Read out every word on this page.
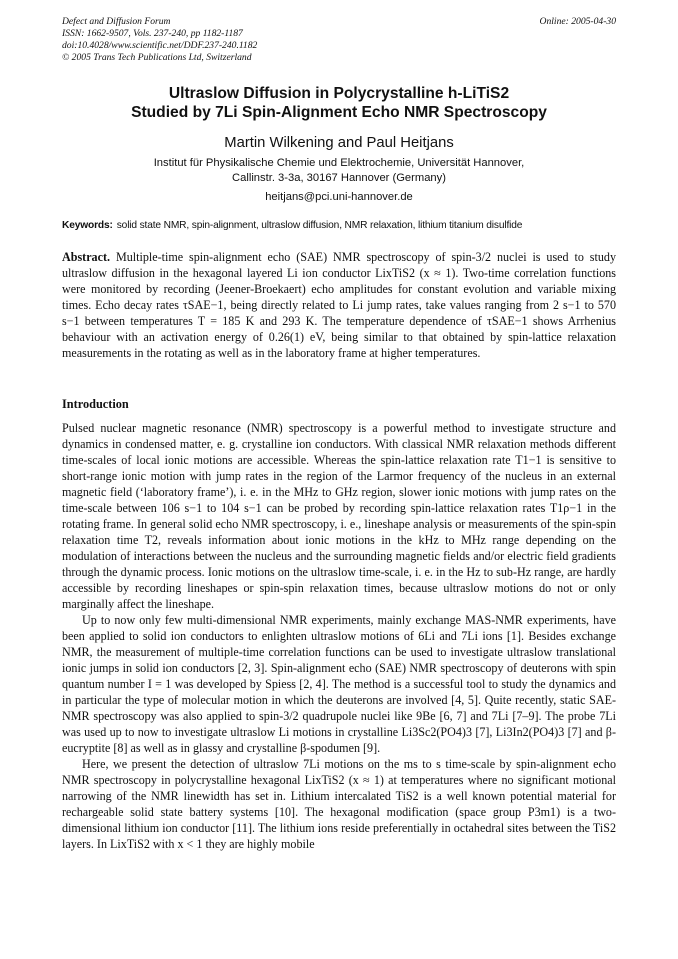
Defect and Diffusion Forum
ISSN: 1662-9507, Vols. 237-240, pp 1182-1187
doi:10.4028/www.scientific.net/DDF.237-240.1182
© 2005 Trans Tech Publications Ltd, Switzerland
Online: 2005-04-30
Ultraslow Diffusion in Polycrystalline h-LiTiS2
Studied by 7Li Spin-Alignment Echo NMR Spectroscopy
Martin Wilkening and Paul Heitjans
Institut für Physikalische Chemie und Elektrochemie, Universität Hannover,
Callinstr. 3-3a, 30167 Hannover (Germany)
heitjans@pci.uni-hannover.de
Keywords: solid state NMR, spin-alignment, ultraslow diffusion, NMR relaxation, lithium titanium disulfide
Abstract. Multiple-time spin-alignment echo (SAE) NMR spectroscopy of spin-3/2 nuclei is used to study ultraslow diffusion in the hexagonal layered Li ion conductor LixTiS2 (x ≈ 1). Two-time correlation functions were monitored by recording (Jeener-Broekaert) echo amplitudes for constant evolution and variable mixing times. Echo decay rates τSAE−1, being directly related to Li jump rates, take values ranging from 2 s−1 to 570 s−1 between temperatures T = 185 K and 293 K. The temperature dependence of τSAE−1 shows Arrhenius behaviour with an activation energy of 0.26(1) eV, being similar to that obtained by spin-lattice relaxation measurements in the rotating as well as in the laboratory frame at higher temperatures.
Introduction

Pulsed nuclear magnetic resonance (NMR) spectroscopy is a powerful method to investigate structure and dynamics in condensed matter, e. g. crystalline ion conductors. With classical NMR relaxation methods different time-scales of local ionic motions are accessible. Whereas the spin-lattice relaxation rate T1−1 is sensitive to short-range ionic motion with jump rates in the region of the Larmor frequency of the nucleus in an external magnetic field (‘laboratory frame’), i. e. in the MHz to GHz region, slower ionic motions with jump rates on the time-scale between 106 s−1 to 104 s−1 can be probed by recording spin-lattice relaxation rates T1ρ−1 in the rotating frame. In general solid echo NMR spectroscopy, i. e., lineshape analysis or measurements of the spin-spin relaxation time T2, reveals information about ionic motions in the kHz to MHz range depending on the modulation of interactions between the nucleus and the surrounding magnetic fields and/or electric field gradients through the dynamic process. Ionic motions on the ultraslow time-scale, i. e. in the Hz to sub-Hz range, are hardly accessible by recording lineshapes or spin-spin relaxation times, because ultraslow motions do not or only marginally affect the lineshape.

Up to now only few multi-dimensional NMR experiments, mainly exchange MAS-NMR experiments, have been applied to solid ion conductors to enlighten ultraslow motions of 6Li and 7Li ions [1]. Besides exchange NMR, the measurement of multiple-time correlation functions can be used to investigate ultraslow translational ionic jumps in solid ion conductors [2, 3]. Spin-alignment echo (SAE) NMR spectroscopy of deuterons with spin quantum number I = 1 was developed by Spiess [2, 4]. The method is a successful tool to study the dynamics and in particular the type of molecular motion in which the deuterons are involved [4, 5]. Quite recently, static SAE-NMR spectroscopy was also applied to spin-3/2 quadrupole nuclei like 9Be [6, 7] and 7Li [7–9]. The probe 7Li was used up to now to investigate ultraslow Li motions in crystalline Li3Sc2(PO4)3 [7], Li3In2(PO4)3 [7] and β-eucryptite [8] as well as in glassy and crystalline β-spodumen [9].

Here, we present the detection of ultraslow 7Li motions on the ms to s time-scale by spin-alignment echo NMR spectroscopy in polycrystalline hexagonal LixTiS2 (x ≈ 1) at temperatures where no significant motional narrowing of the NMR linewidth has set in. Lithium intercalated TiS2 is a well known potential material for rechargeable solid state battery systems [10]. The hexagonal modification (space group P3m1) is a two-dimensional lithium ion conductor [11]. The lithium ions reside preferentially in octahedral sites between the TiS2 layers. In LixTiS2 with x < 1 they are highly mobile
